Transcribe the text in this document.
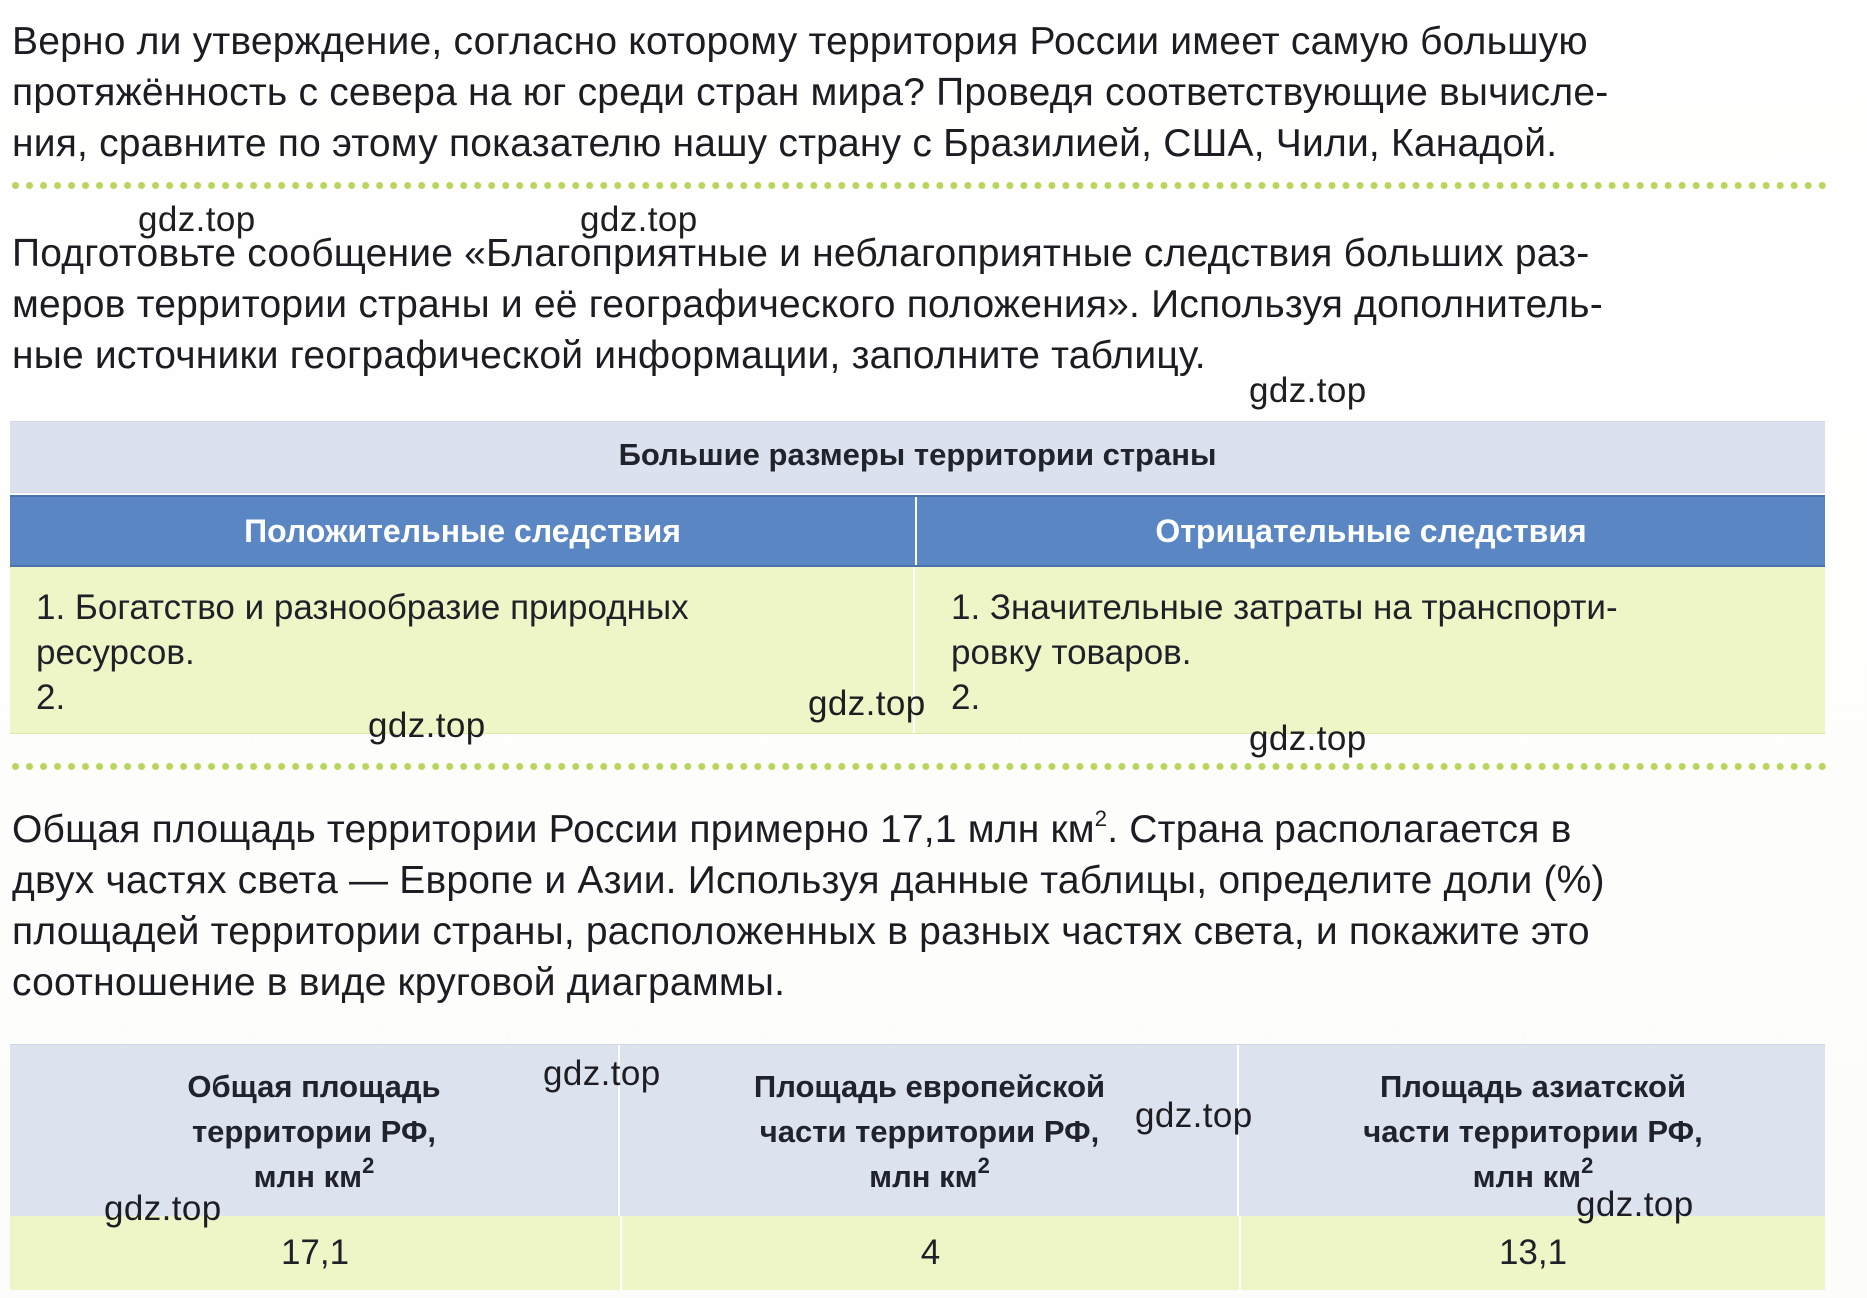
Верно ли утверждение, согласно которому территория России имеет самую большую
протяжённость с севера на юг среди стран мира? Проведя соответствующие вычисле-
ния, сравните по этому показателю нашу страну с Бразилией, США, Чили, Канадой.
Подготовьте сообщение «Благоприятные и неблагоприятные следствия больших раз-
меров территории страны и её географического положения». Используя дополнитель-
ные источники географической информации, заполните таблицу.
Большие размеры территории страны
Положительные следствия	Отрицательные следствия
1. Богатство и разнообразие природных
ресурсов.
2.
1. Значительные затраты на транспорти-
ровку товаров.
2.
Общая площадь территории России примерно 17,1 млн $км^2$. Страна располагается в
двух частях света — Европе и Азии. Используя данные таблицы, определите доли (%)
площадей территории страны, расположенных в разных частях света, и покажите это
соотношение в виде круговой диаграммы.
Общая площадь
территории РФ,
млн $км^2$
Площадь европейской
части территории РФ,
млн $км^2$
Площадь азиатской
части территории РФ,
млн $км^2$
17,1	4	13,1
gdz.top	gdz.top
gdz.top
gdz.top
gdz.top
gdz.top
gdz.top
gdz.top
gdz.top	gdz.top
